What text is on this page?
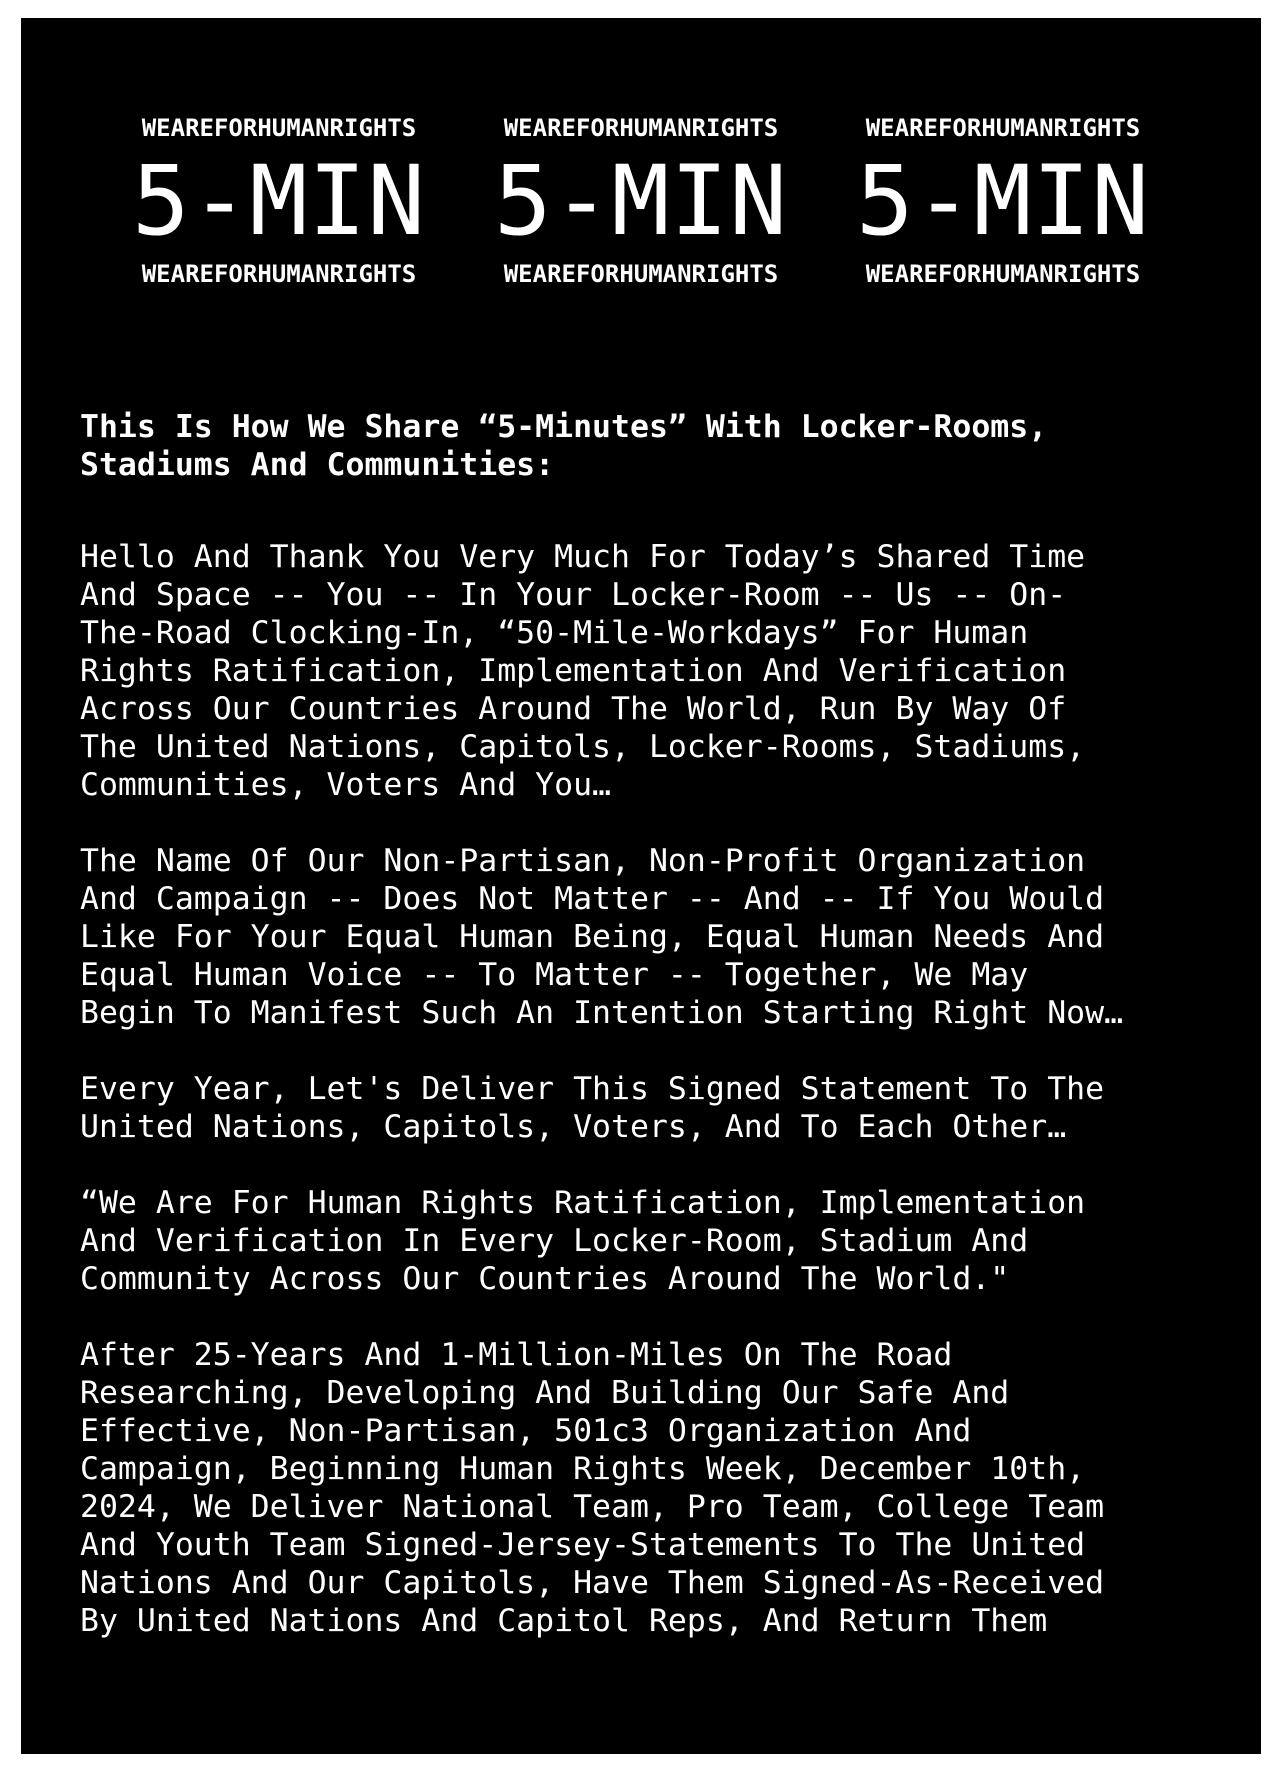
WEAREFORHUMANRIGHTS
5-MIN
WEAREFORHUMANRIGHTS
WEAREFORHUMANRIGHTS
5-MIN
WEAREFORHUMANRIGHTS
WEAREFORHUMANRIGHTS
5-MIN
WEAREFORHUMANRIGHTS

This Is How We Share “5-Minutes” With Locker-Rooms,
Stadiums And Communities:

Hello And Thank You Very Much For Today’s Shared Time
And Space -- You -- In Your Locker-Room -- Us -- On-
The-Road Clocking-In, “50-Mile-Workdays” For Human
Rights Ratification, Implementation And Verification
Across Our Countries Around The World, Run By Way Of
The United Nations, Capitols, Locker-Rooms, Stadiums,
Communities, Voters And You…

The Name Of Our Non-Partisan, Non-Profit Organization
And Campaign -- Does Not Matter -- And -- If You Would
Like For Your Equal Human Being, Equal Human Needs And
Equal Human Voice -- To Matter -- Together, We May
Begin To Manifest Such An Intention Starting Right Now…

Every Year, Let's Deliver This Signed Statement To The
United Nations, Capitols, Voters, And To Each Other…

“We Are For Human Rights Ratification, Implementation
And Verification In Every Locker-Room, Stadium And
Community Across Our Countries Around The World."

After 25-Years And 1-Million-Miles On The Road
Researching, Developing And Building Our Safe And
Effective, Non-Partisan, 501c3 Organization And
Campaign, Beginning Human Rights Week, December 10th,
2024, We Deliver National Team, Pro Team, College Team
And Youth Team Signed-Jersey-Statements To The United
Nations And Our Capitols, Have Them Signed-As-Received
By United Nations And Capitol Reps, And Return Them
